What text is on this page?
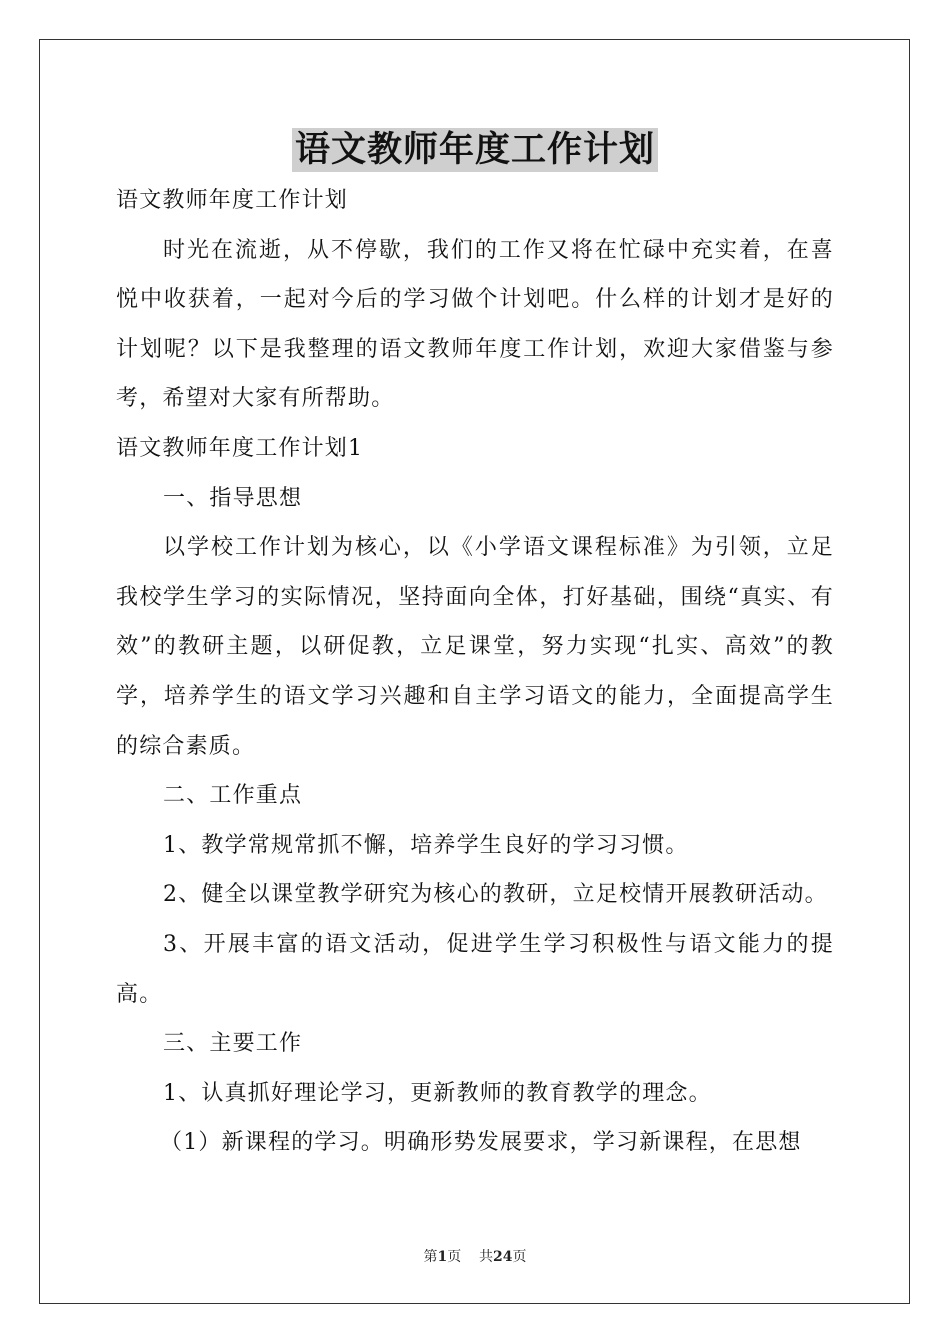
语文教师年度工作计划

语文教师年度工作计划

时光在流逝，从不停歇，我们的工作又将在忙碌中充实着，在喜悦中收获着，一起对今后的学习做个计划吧。什么样的计划才是好的计划呢？以下是我整理的语文教师年度工作计划，欢迎大家借鉴与参考，希望对大家有所帮助。

语文教师年度工作计划1

一、指导思想

以学校工作计划为核心，以《小学语文课程标准》为引领，立足我校学生学习的实际情况，坚持面向全体，打好基础，围绕“真实、有效”的教研主题，以研促教，立足课堂，努力实现“扎实、高效”的教学，培养学生的语文学习兴趣和自主学习语文的能力，全面提高学生的综合素质。

二、工作重点

1、教学常规常抓不懈，培养学生良好的学习习惯。

2、健全以课堂教学研究为核心的教研，立足校情开展教研活动。

3、开展丰富的语文活动，促进学生学习积极性与语文能力的提高。

三、主要工作

1、认真抓好理论学习，更新教师的教育教学的理念。

（1）新课程的学习。明确形势发展要求，学习新课程，在思想

第1页 共24页
